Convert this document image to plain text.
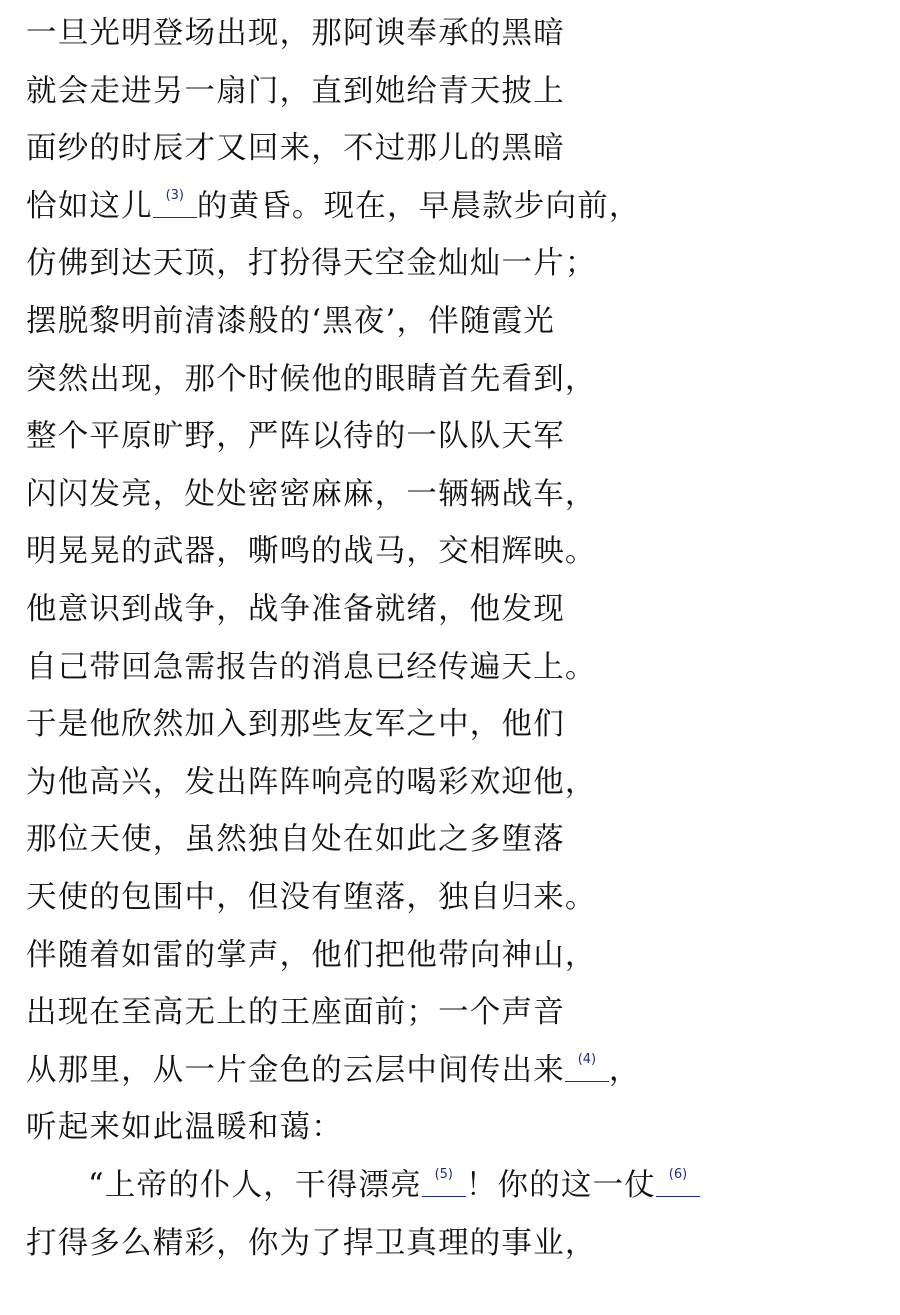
一旦光明登场出现，那阿谀奉承的黑暗
就会走进另一扇门，直到她给青天披上
面纱的时辰才又回来，不过那儿的黑暗
恰如这儿 (3) 的黄昏。现在，早晨款步向前，
仿佛到达天顶，打扮得天空金灿灿一片；
摆脱黎明前清漆般的‘黑夜’，伴随霞光
突然出现，那个时候他的眼睛首先看到，
整个平原旷野，严阵以待的一队队天军
闪闪发亮，处处密密麻麻，一辆辆战车，
明晃晃的武器，嘶鸣的战马，交相辉映。
他意识到战争，战争准备就绪，他发现
自己带回急需报告的消息已经传遍天上。
于是他欣然加入到那些友军之中，他们
为他高兴，发出阵阵响亮的喝彩欢迎他，
那位天使，虽然独自处在如此之多堕落
天使的包围中，但没有堕落，独自归来。
伴随着如雷的掌声，他们把他带向神山，
出现在至高无上的王座面前；一个声音
从那里，从一片金色的云层中间传出来 (4) ，
听起来如此温暖和蔼：
“上帝的仆人，干得漂亮 (5) ！你的这一仗 (6)
打得多么精彩，你为了捍卫真理的事业，
